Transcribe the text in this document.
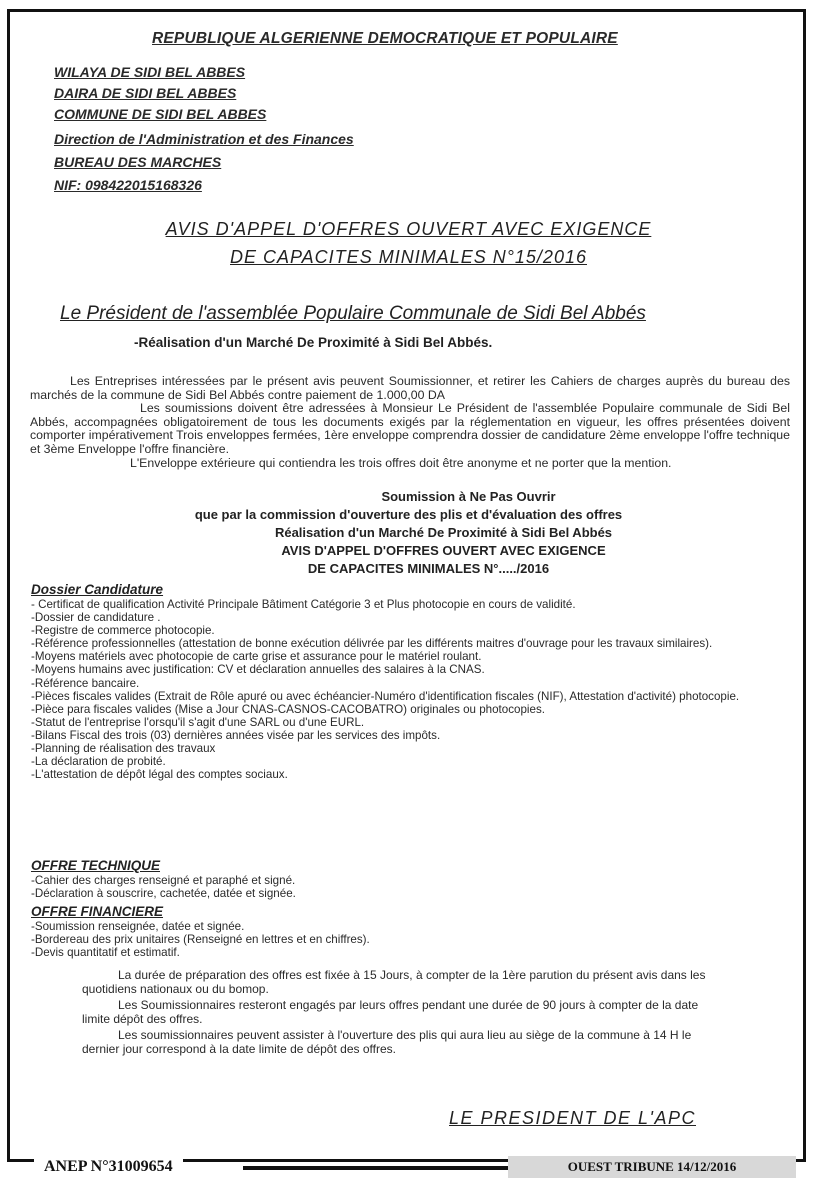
REPUBLIQUE ALGERIENNE DEMOCRATIQUE ET POPULAIRE
WILAYA DE SIDI BEL ABBES
DAIRA DE SIDI BEL ABBES
COMMUNE DE SIDI BEL ABBES
Direction de l'Administration et des Finances
BUREAU DES MARCHES
NIF: 098422015168326
AVIS D'APPEL D'OFFRES OUVERT AVEC EXIGENCE
DE CAPACITES MINIMALES N°15/2016
Le Président de l'assemblée Populaire Communale de Sidi Bel Abbés
-Réalisation d'un Marché De Proximité à Sidi Bel Abbés.

Les Entreprises intéressées par le présent avis peuvent Soumissionner, et retirer les Cahiers de charges auprès du bureau des marchés de la commune de Sidi Bel Abbés contre paiement de 1.000,00 DA

Les soumissions doivent être adressées à Monsieur Le Président de l'assemblée Populaire communale de Sidi Bel Abbés, accompagnées obligatoirement de tous les documents exigés par la réglementation en vigueur, les offres présentées doivent comporter impérativement Trois enveloppes fermées, 1ère enveloppe comprendra dossier de candidature 2ème enveloppe l'offre technique et 3ème Enveloppe l'offre financière.

L'Enveloppe extérieure qui contiendra les trois offres doit être anonyme et ne porter que la mention.

Soumission à Ne Pas Ouvrir
que par la commission d'ouverture des plis et d'évaluation des offres
Réalisation d'un Marché De Proximité à Sidi Bel Abbés
AVIS D'APPEL D'OFFRES OUVERT AVEC EXIGENCE
DE CAPACITES MINIMALES N°...../2016
Dossier Candidature
- Certificat de qualification Activité Principale Bâtiment Catégorie 3 et Plus photocopie en cours de validité.
-Dossier de candidature .
-Registre de commerce photocopie.
-Référence professionnelles (attestation de bonne exécution délivrée par les différents maitres d'ouvrage pour les travaux similaires).
-Moyens matériels avec photocopie de carte grise et assurance pour le matériel roulant.
-Moyens humains avec justification: CV et déclaration annuelles des salaires à la CNAS.
-Référence bancaire.
-Pièces fiscales valides (Extrait de Rôle apuré ou avec échéancier-Numéro d'identification fiscales (NIF), Attestation d'activité) photocopie.
-Pièce para fiscales valides (Mise a Jour CNAS-CASNOS-CACOBATRO) originales ou photocopies.
-Statut de l'entreprise l'orsqu'il s'agit d'une SARL ou d'une EURL.
-Bilans Fiscal des trois (03) dernières années visée par les services des impôts.
-Planning de réalisation des travaux
-La déclaration de probité.
-L'attestation de dépôt légal des comptes sociaux.
OFFRE TECHNIQUE
-Cahier des charges renseigné et paraphé et signé.
-Déclaration à souscrire, cachetée, datée et signée.
OFFRE FINANCIERE
-Soumission renseignée, datée et signée.
-Bordereau des prix unitaires (Renseigné en lettres et en chiffres).
-Devis quantitatif et estimatif.

La durée de préparation des offres est fixée à 15 Jours, à compter de la 1ère parution du présent avis dans les quotidiens nationaux ou du bomop.

Les Soumissionnaires resteront engagés par leurs offres pendant une durée de 90 jours à compter de la date limite dépôt des offres.

Les soumissionnaires peuvent assister à l'ouverture des plis qui aura lieu au siège de la commune à 14 H le dernier jour correspond à la date limite de dépôt des offres.

LE PRESIDENT DE L'APC
ANEP N°31009654	OUEST TRIBUNE 14/12/2016
